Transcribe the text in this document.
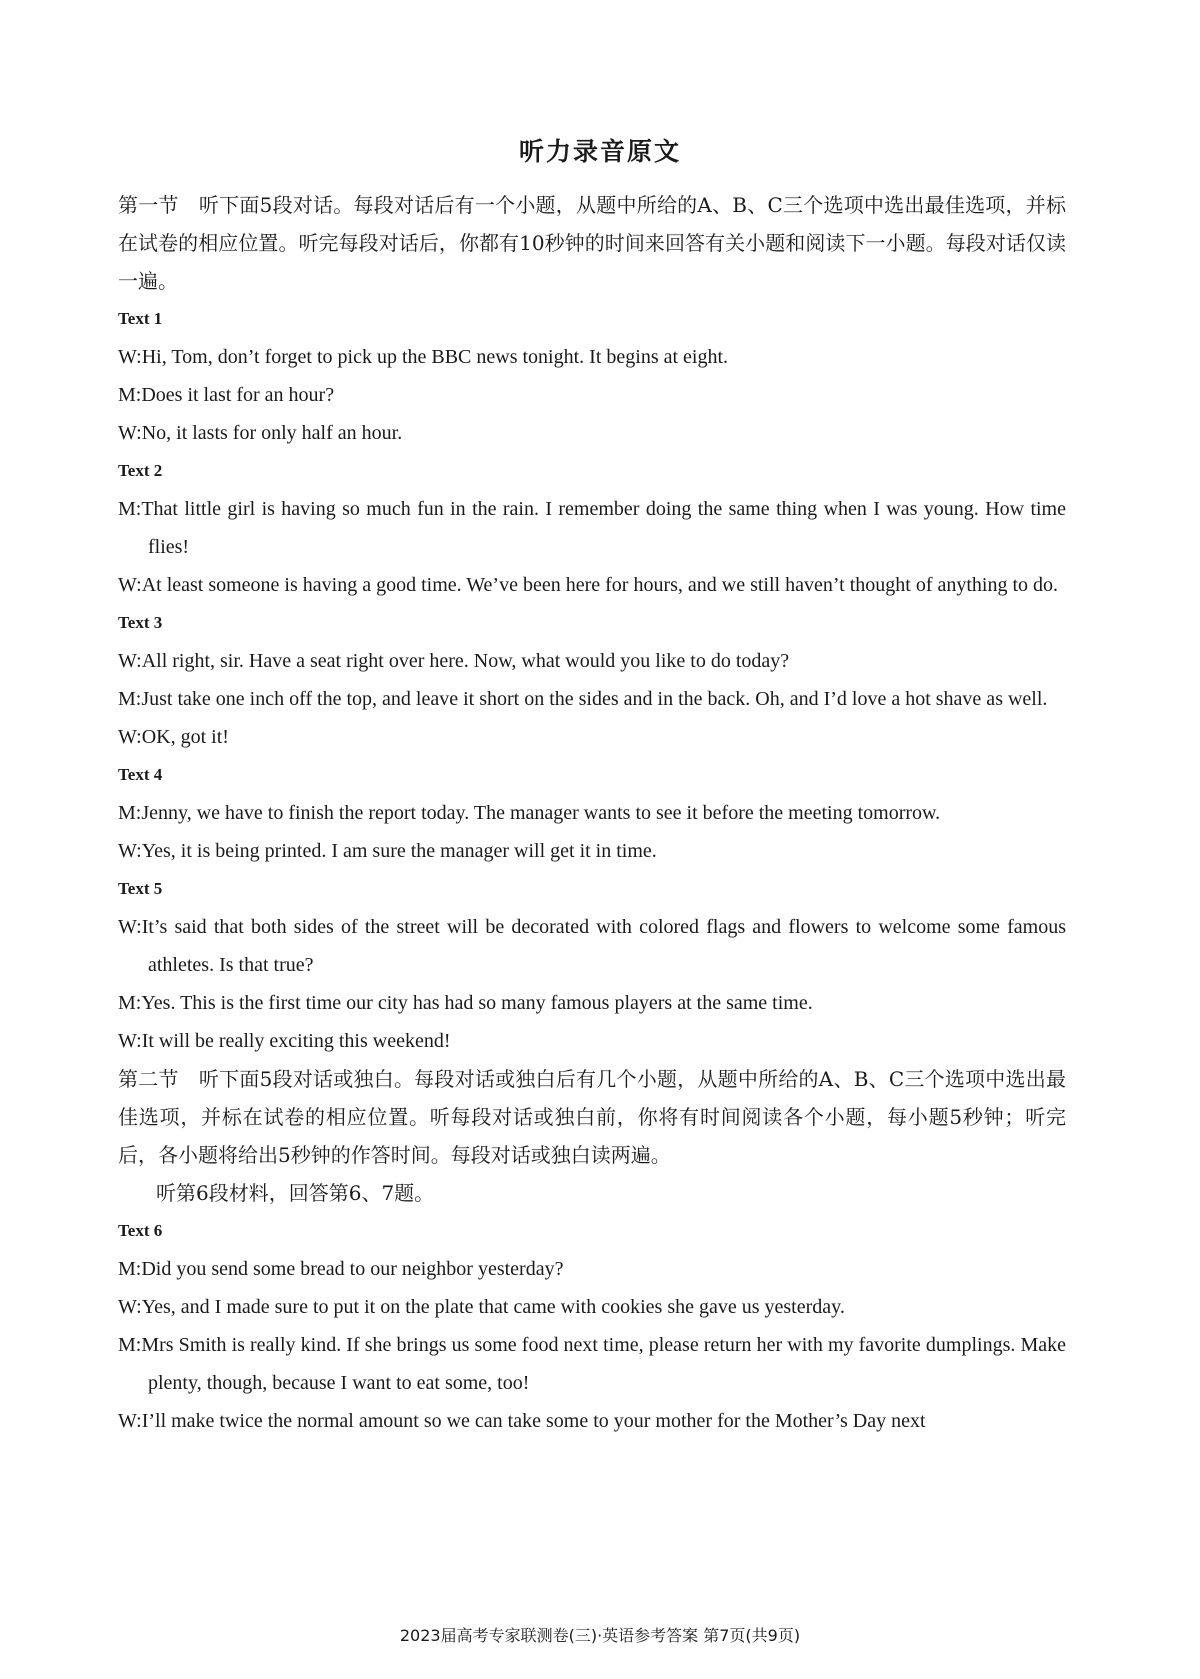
听力录音原文

第一节　听下面5段对话。每段对话后有一个小题，从题中所给的A、B、C三个选项中选出最佳选项，并标在试卷的相应位置。听完每段对话后，你都有10秒钟的时间来回答有关小题和阅读下一小题。每段对话仅读一遍。

Text 1

W:Hi, Tom, don’t forget to pick up the BBC news tonight. It begins at eight.

M:Does it last for an hour?

W:No, it lasts for only half an hour.

Text 2

M:That little girl is having so much fun in the rain. I remember doing the same thing when I was young. How time flies!

W:At least someone is having a good time. We’ve been here for hours, and we still haven’t thought of anything to do.

Text 3

W:All right, sir. Have a seat right over here. Now, what would you like to do today?

M:Just take one inch off the top, and leave it short on the sides and in the back. Oh, and I’d love a hot shave as well.

W:OK, got it!

Text 4

M:Jenny, we have to finish the report today. The manager wants to see it before the meeting tomorrow.

W:Yes, it is being printed. I am sure the manager will get it in time.

Text 5

W:It’s said that both sides of the street will be decorated with colored flags and flowers to welcome some famous athletes. Is that true?

M:Yes. This is the first time our city has had so many famous players at the same time.

W:It will be really exciting this weekend!

第二节　听下面5段对话或独白。每段对话或独白后有几个小题，从题中所给的A、B、C三个选项中选出最佳选项，并标在试卷的相应位置。听每段对话或独白前，你将有时间阅读各个小题，每小题5秒钟；听完后，各小题将给出5秒钟的作答时间。每段对话或独白读两遍。

听第6段材料，回答第6、7题。

Text 6

M:Did you send some bread to our neighbor yesterday?

W:Yes, and I made sure to put it on the plate that came with cookies she gave us yesterday.

M:Mrs Smith is really kind. If she brings us some food next time, please return her with my favorite dumplings. Make plenty, though, because I want to eat some, too!

W:I’ll make twice the normal amount so we can take some to your mother for the Mother’s Day next

2023届高考专家联测卷(三)·英语参考答案 第7页(共9页)
